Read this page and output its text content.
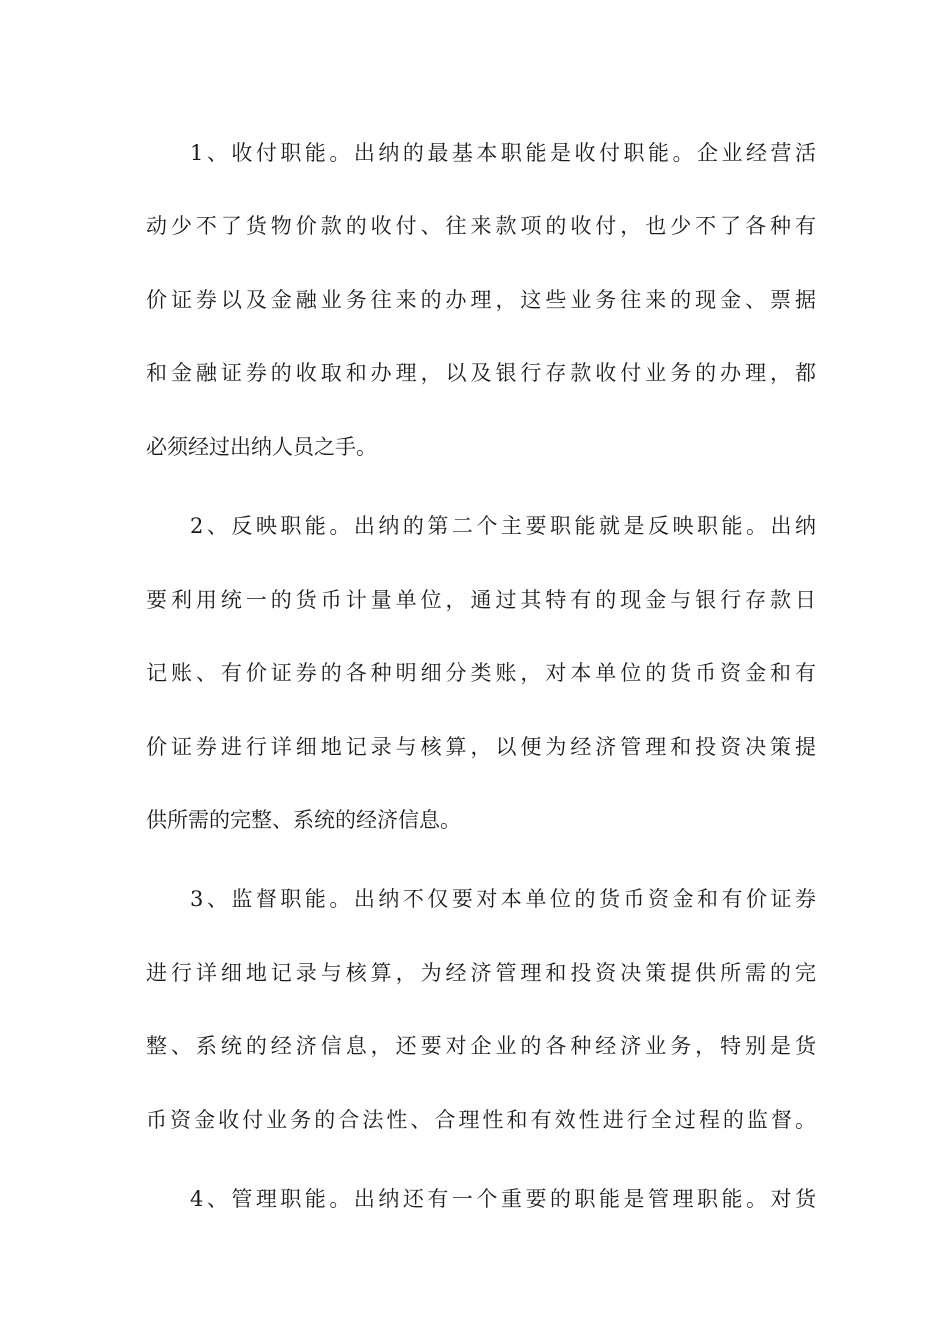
1、收付职能。出纳的最基本职能是收付职能。企业经营活
动少不了货物价款的收付、往来款项的收付，也少不了各种有
价证券以及金融业务往来的办理，这些业务往来的现金、票据
和金融证券的收取和办理，以及银行存款收付业务的办理，都
必须经过出纳人员之手。
2、反映职能。出纳的第二个主要职能就是反映职能。出纳
要利用统一的货币计量单位，通过其特有的现金与银行存款日
记账、有价证券的各种明细分类账，对本单位的货币资金和有
价证券进行详细地记录与核算，以便为经济管理和投资决策提
供所需的完整、系统的经济信息。
3、监督职能。出纳不仅要对本单位的货币资金和有价证券
进行详细地记录与核算，为经济管理和投资决策提供所需的完
整、系统的经济信息，还要对企业的各种经济业务，特别是货
币资金收付业务的合法性、合理性和有效性进行全过程的监督。
4、管理职能。出纳还有一个重要的职能是管理职能。对货
